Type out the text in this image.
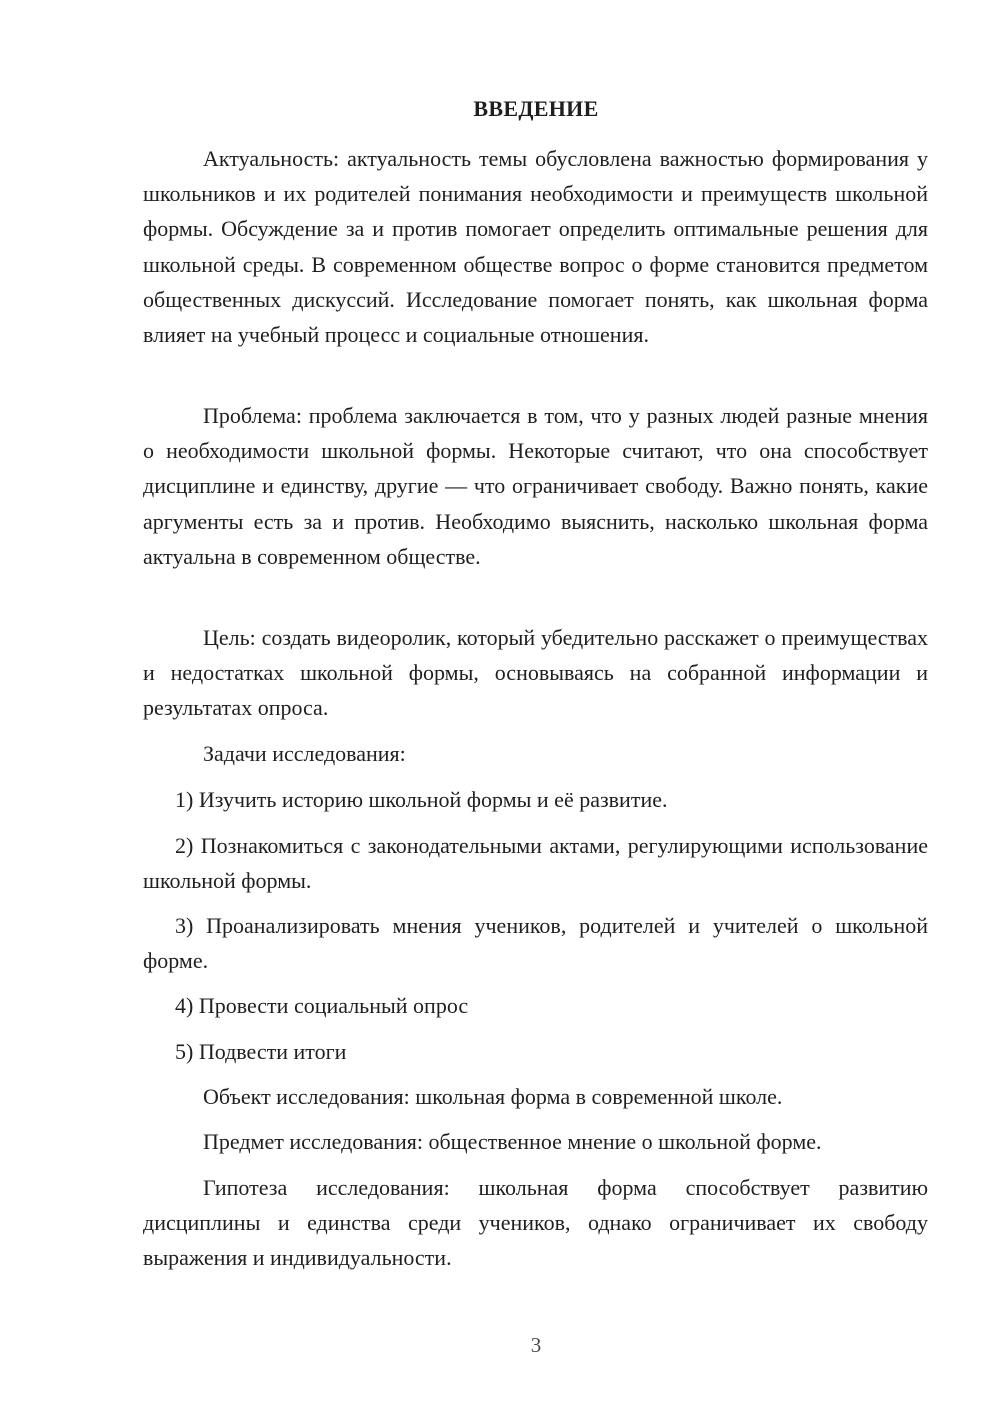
ВВЕДЕНИЕ

Актуальность: актуальность темы обусловлена важностью формирования у школьников и их родителей понимания необходимости и преимуществ школьной формы. Обсуждение за и против помогает определить оптимальные решения для школьной среды. В современном обществе вопрос о форме становится предметом общественных дискуссий. Исследование помогает понять, как школьная форма влияет на учебный процесс и социальные отношения.

Проблема: проблема заключается в том, что у разных людей разные мнения о необходимости школьной формы. Некоторые считают, что она способствует дисциплине и единству, другие — что ограничивает свободу. Важно понять, какие аргументы есть за и против. Необходимо выяснить, насколько школьная форма актуальна в современном обществе.

Цель: создать видеоролик, который убедительно расскажет о преимуществах и недостатках школьной формы, основываясь на собранной информации и результатах опроса.

Задачи исследования:

1) Изучить историю школьной формы и её развитие.

2) Познакомиться с законодательными актами, регулирующими использование школьной формы.

3) Проанализировать мнения учеников, родителей и учителей о школьной форме.

4) Провести социальный опрос

5) Подвести итоги

Объект исследования: школьная форма в современной школе.

Предмет исследования: общественное мнение о школьной форме.

Гипотеза исследования: школьная форма способствует развитию дисциплины и единства среди учеников, однако ограничивает их свободу выражения и индивидуальности.

3
